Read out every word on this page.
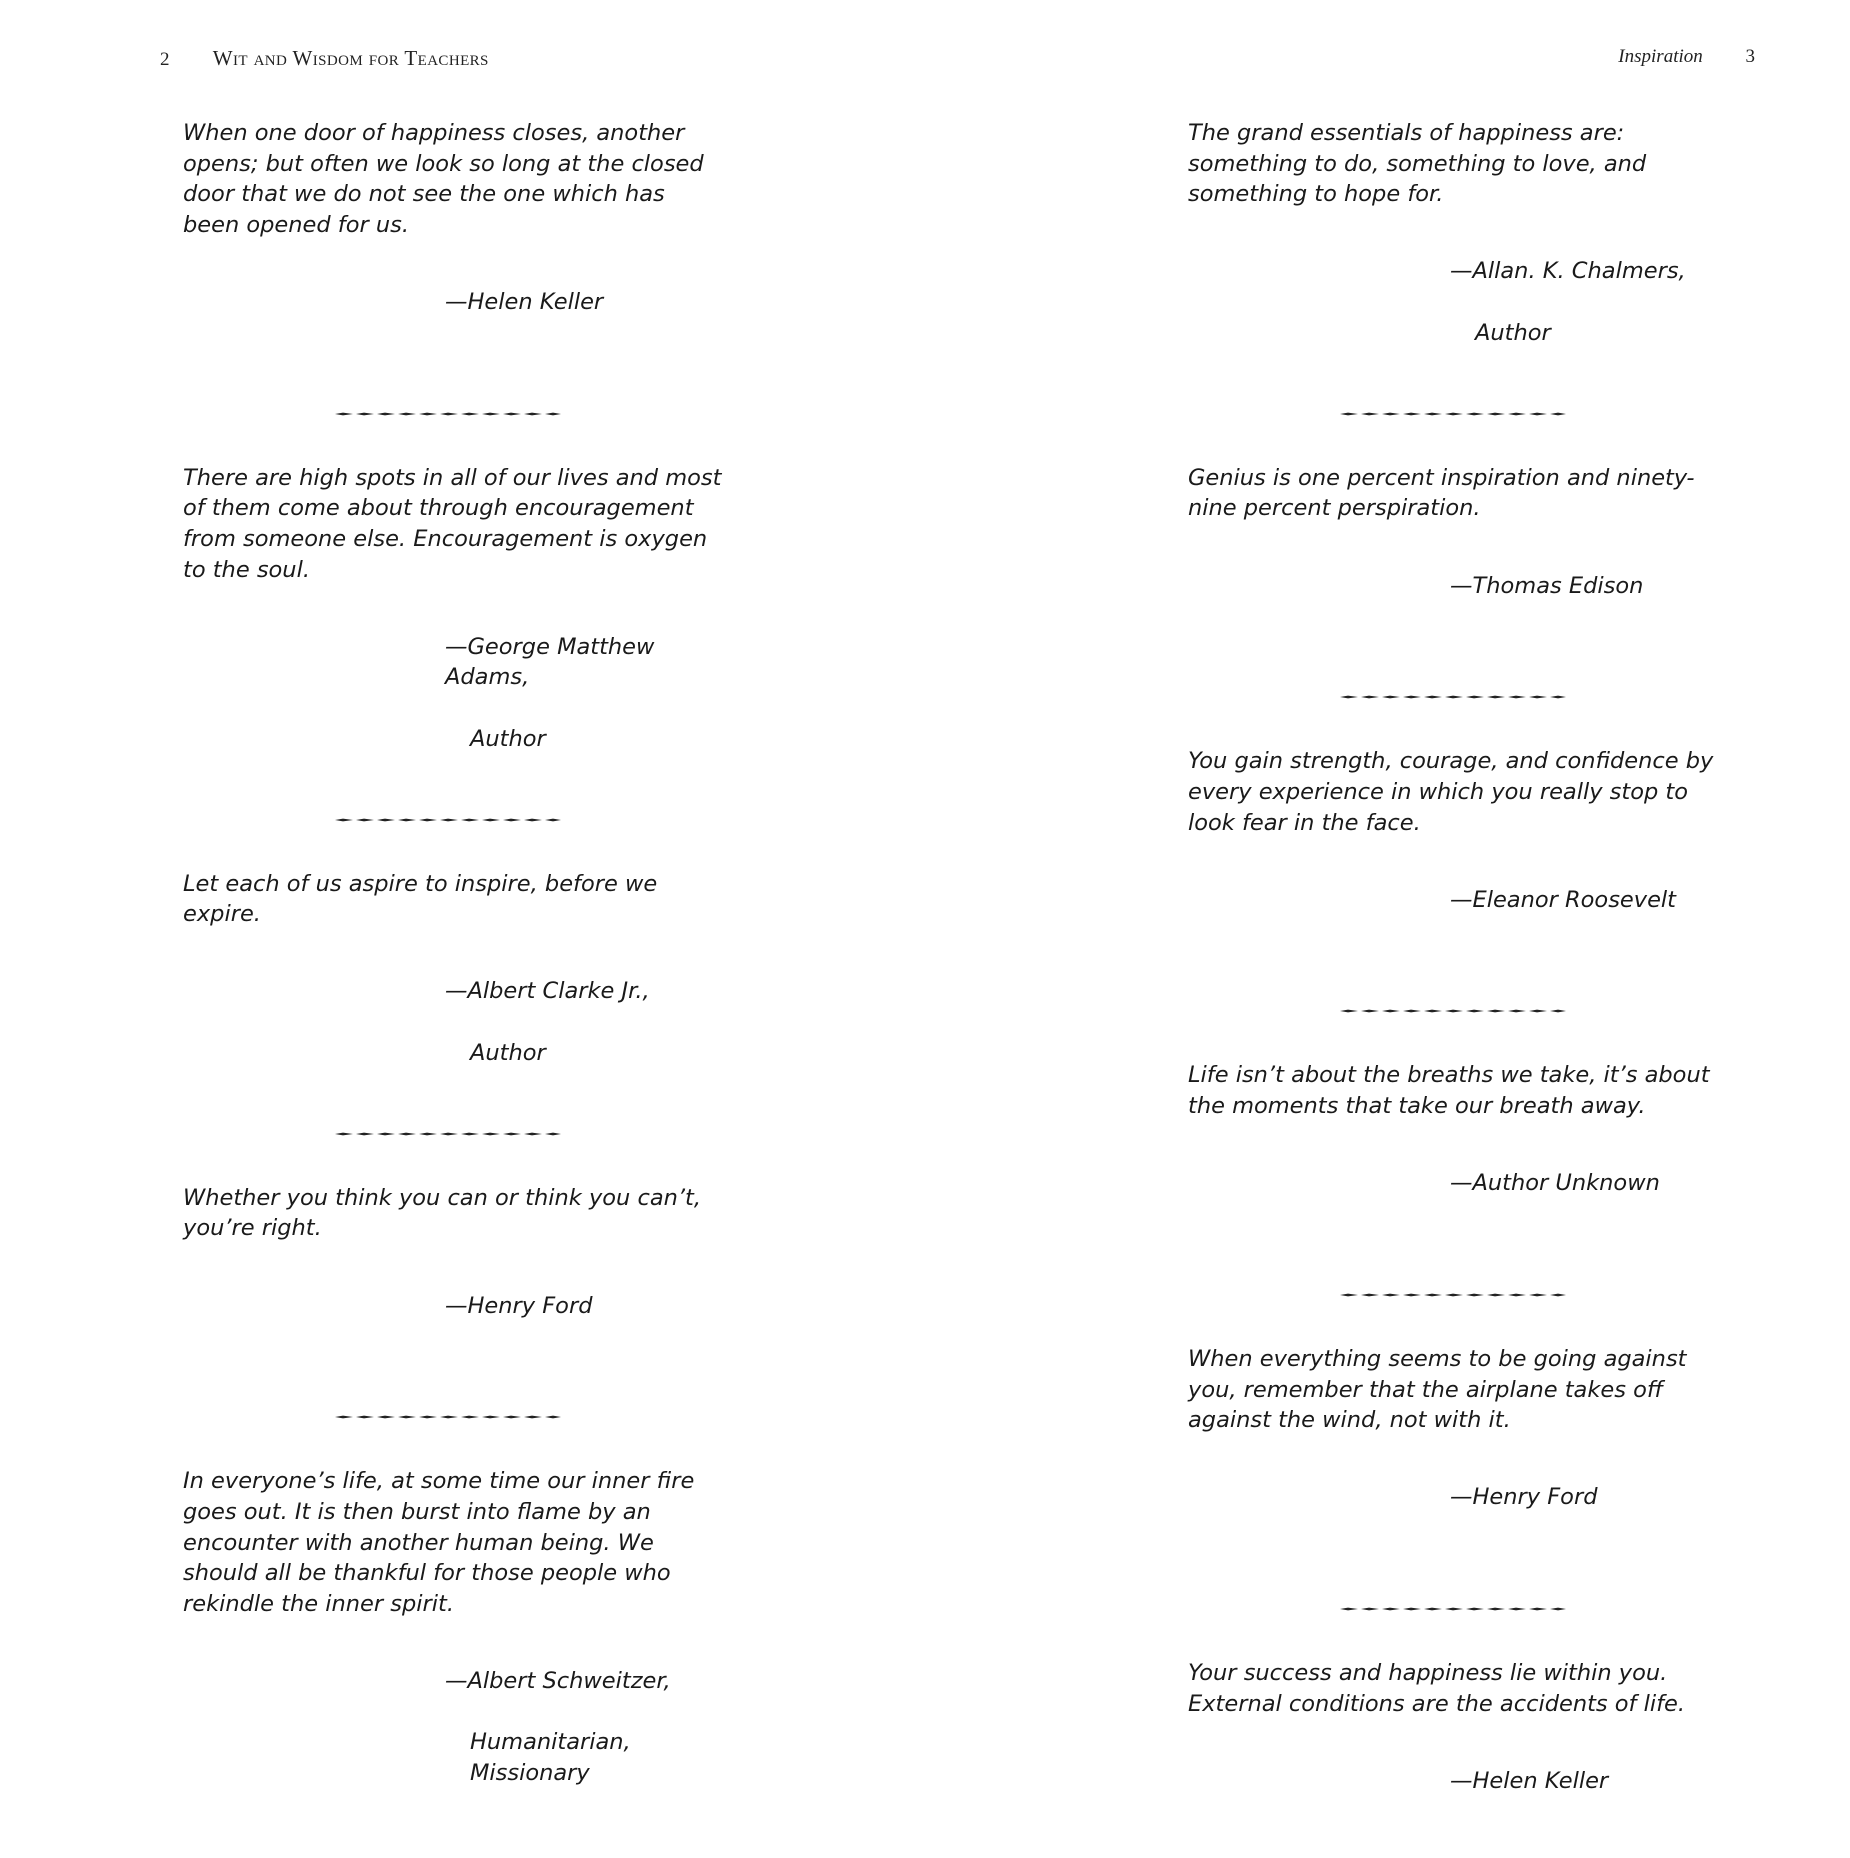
2 Wit and Wisdom for Teachers

When one door of happiness closes, another opens; but often we look so long at the closed door that we do not see the one which has been opened for us.

—Helen Keller

There are high spots in all of our lives and most of them come about through encouragement from someone else. Encouragement is oxygen to the soul.

—George Matthew Adams,

Author

Let each of us aspire to inspire, before we expire.

—Albert Clarke Jr.,

Author

Whether you think you can or think you can’t, you’re right.

—Henry Ford

In everyone’s life, at some time our inner fire goes out. It is then burst into flame by an encounter with another human being. We should all be thankful for those people who rekindle the inner spirit.

—Albert Schweitzer,

Humanitarian, Missionary

Inspiration 3

The grand essentials of happiness are: something to do, something to love, and something to hope for.

—Allan. K. Chalmers,

Author

Genius is one percent inspiration and ninety-nine percent perspiration.

—Thomas Edison

You gain strength, courage, and confidence by every experience in which you really stop to look fear in the face.

—Eleanor Roosevelt

Life isn’t about the breaths we take, it’s about the moments that take our breath away.

—Author Unknown

When everything seems to be going against you, remember that the airplane takes off against the wind, not with it.

—Henry Ford

Your success and happiness lie within you. External conditions are the accidents of life.

—Helen Keller
